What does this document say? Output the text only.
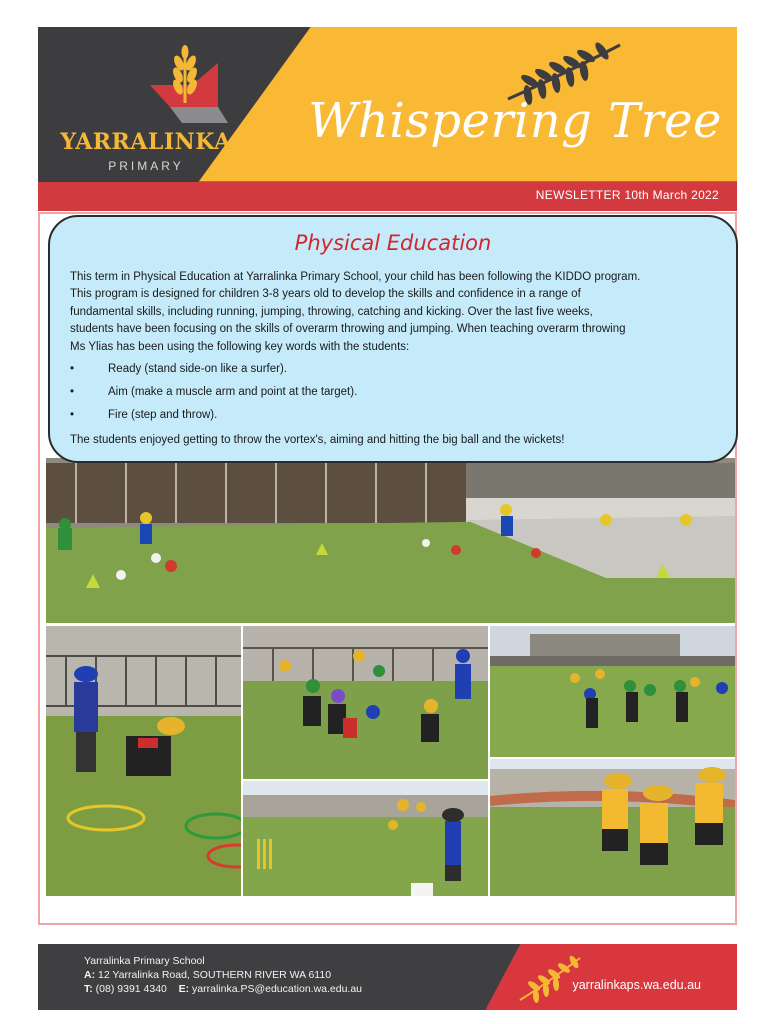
YARRALINKA
PRIMARY
Whispering Tree
NEWSLETTER 10th March 2022
Physical Education
This term in Physical Education at Yarralinka Primary School, your child has been following the KIDDO program.
This program is designed for children 3-8 years old to develop the skills and confidence in a range of
fundamental skills, including running, jumping, throwing, catching and kicking. Over the last five weeks,
students have been focusing on the skills of overarm throwing and jumping. When teaching overarm throwing
Ms Ylias has been using the following key words with the students:
•	Ready (stand side-on like a surfer).
•	Aim (make a muscle arm and point at the target).
•	Fire (step and throw).
The students enjoyed getting to throw the vortex's, aiming and hitting the big ball and the wickets!
Yarralinka Primary School
A: 12 Yarralinka Road, SOUTHERN RIVER WA 6110
T: (08) 9391 4340 E: yarralinka.PS@education.wa.edu.au	yarralinkaps.wa.edu.au
